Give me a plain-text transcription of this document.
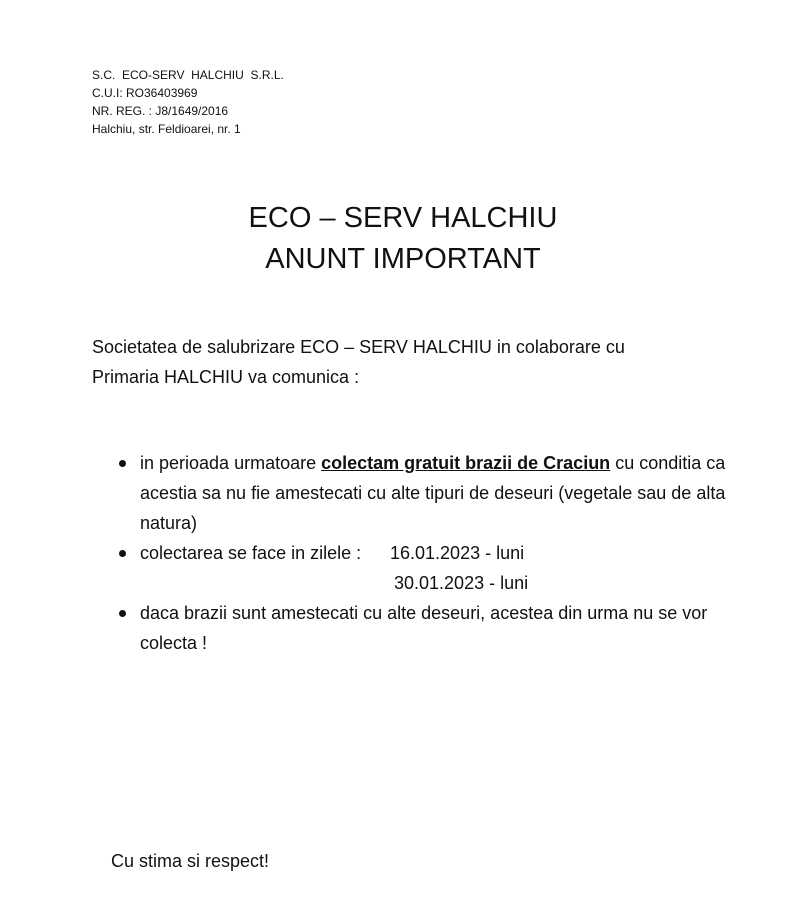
S.C.  ECO-SERV  HALCHIU  S.R.L.
C.U.I: RO36403969
NR. REG. : J8/1649/2016
Halchiu, str. Feldioarei, nr. 1
ECO – SERV HALCHIU
ANUNT IMPORTANT
Societatea de salubrizare ECO – SERV HALCHIU in colaborare cu
Primaria HALCHIU va comunica :
in perioada urmatoare colectam gratuit brazii de Craciun cu conditia ca acestia sa nu fie amestecati cu alte tipuri de deseuri (vegetale sau de alta natura)
colectarea se face in zilele : 16.01.2023 - luni
30.01.2023 - luni
daca brazii sunt amestecati cu alte deseuri, acestea din urma nu se vor colecta !
Cu stima si respect!
